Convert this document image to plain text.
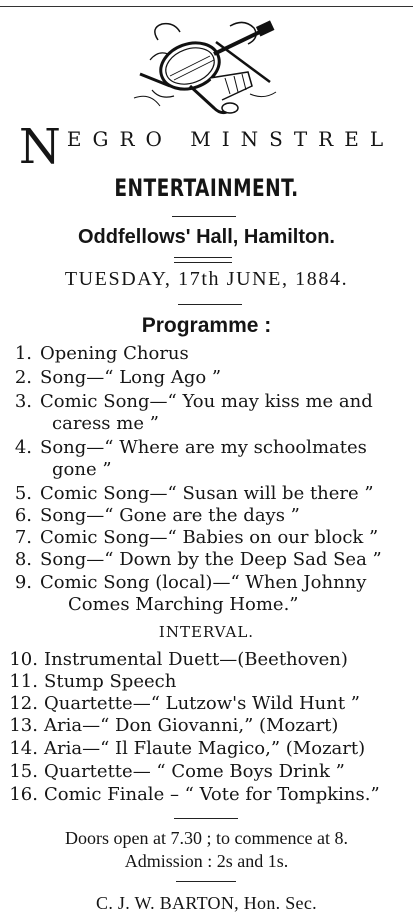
NEGRO MINSTREL
ENTERTAINMENT.
Oddfellows' Hall, Hamilton.
TUESDAY, 17th JUNE, 1884.
Programme :
1. Opening Chorus
2. Song—“ Long Ago ”
3. Comic Song—“ You may kiss me and
caress me ”
4. Song—“ Where are my schoolmates
gone ”
5. Comic Song—“ Susan will be there ”
6. Song—“ Gone are the days ”
7. Comic Song—“ Babies on our block ”
8. Song—“ Down by the Deep Sad Sea ”
9. Comic Song (local)—“ When Johnny
Comes Marching Home.”
INTERVAL.
10. Instrumental Duett—(Beethoven)
11. Stump Speech
12. Quartette—“ Lutzow's Wild Hunt ”
13. Aria—“ Don Giovanni,” (Mozart)
14. Aria—“ Il Flaute Magico,” (Mozart)
15. Quartette— “ Come Boys Drink ”
16. Comic Finale – “ Vote for Tompkins.”
Doors open at 7.30 ; to commence at 8.
Admission : 2s and 1s.
C. J. W. BARTON, Hon. Sec.
